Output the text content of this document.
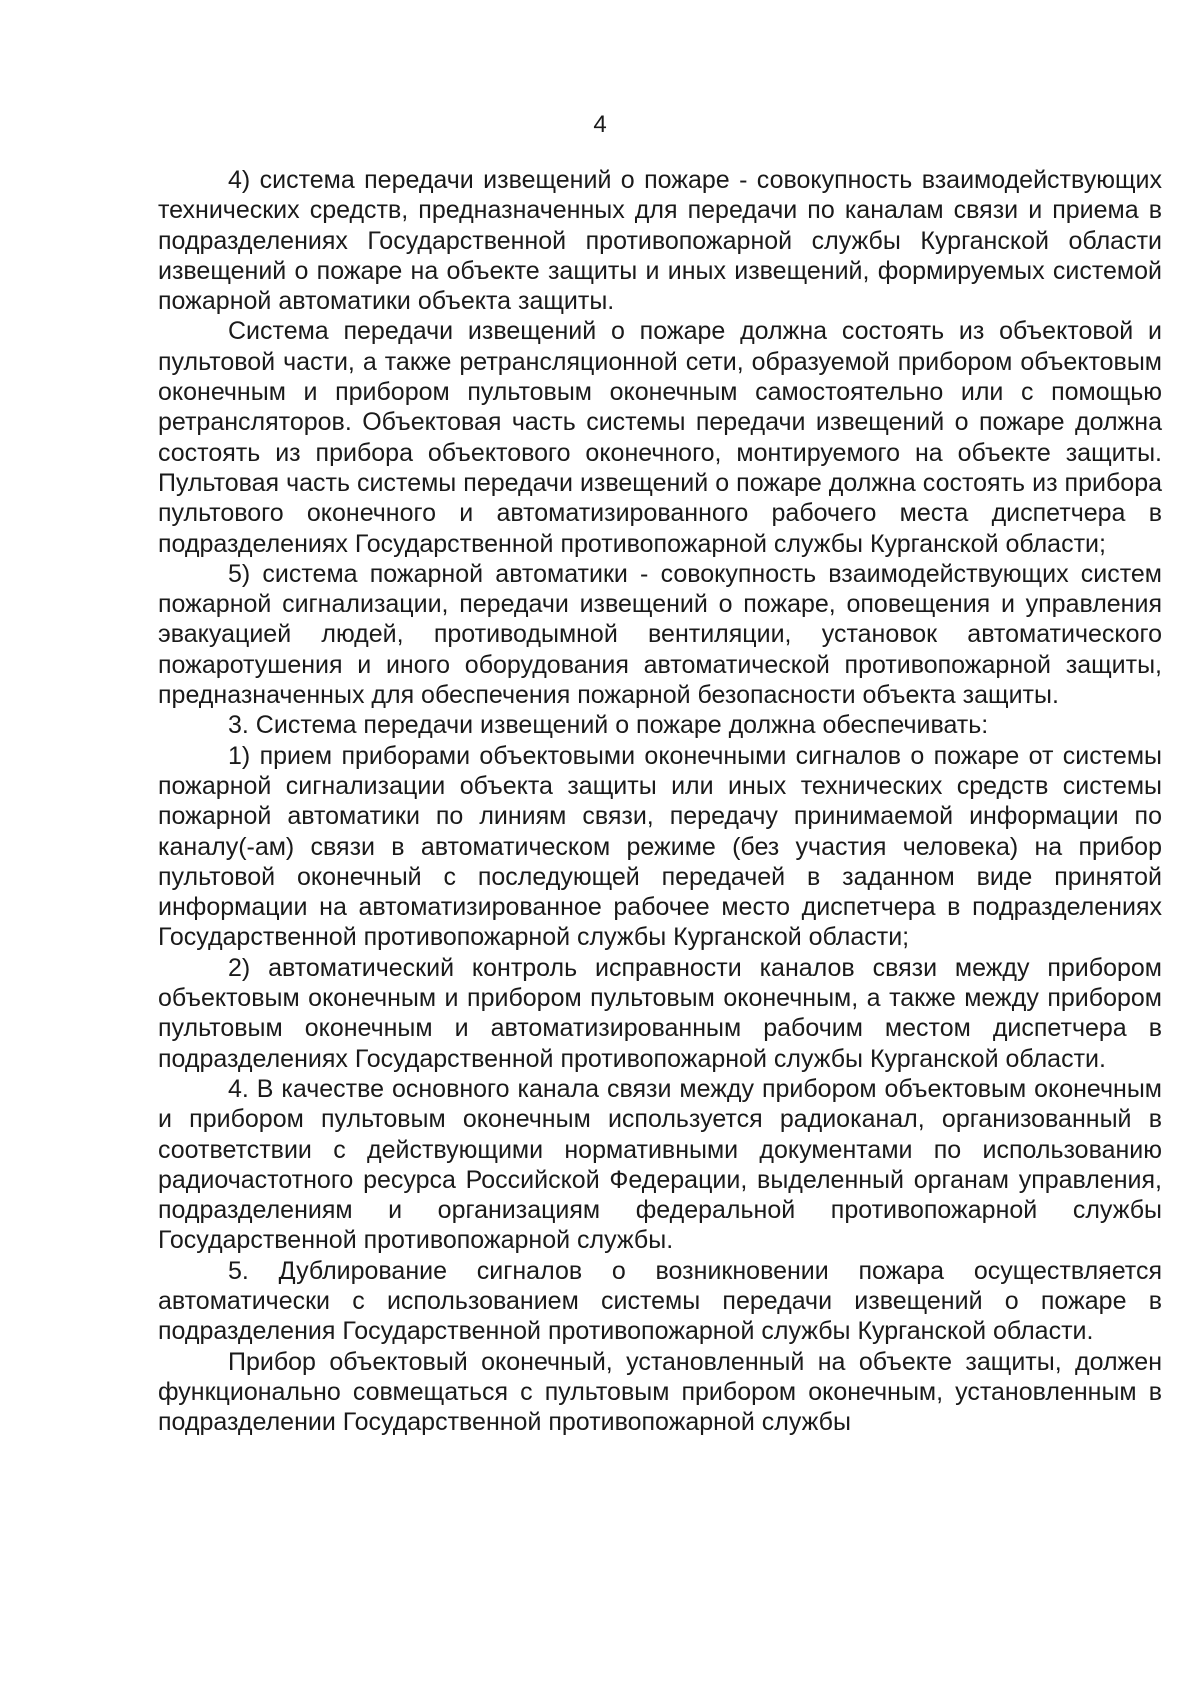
4

4) система передачи извещений о пожаре - совокупность взаимодействующих технических средств, предназначенных для передачи по каналам связи и приема в подразделениях Государственной противопожарной службы Курганской области извещений о пожаре на объекте защиты и иных извещений, формируемых системой пожарной автоматики объекта защиты.

Система передачи извещений о пожаре должна состоять из объектовой и пультовой части, а также ретрансляционной сети, образуемой прибором объектовым оконечным и прибором пультовым оконечным самостоятельно или с помощью ретрансляторов. Объектовая часть системы передачи извещений о пожаре должна состоять из прибора объектового оконечного, монтируемого на объекте защиты. Пультовая часть системы передачи извещений о пожаре должна состоять из прибора пультового оконечного и автоматизированного рабочего места диспетчера в подразделениях Государственной противопожарной службы Курганской области;

5) система пожарной автоматики - совокупность взаимодействующих систем пожарной сигнализации, передачи извещений о пожаре, оповещения и управления эвакуацией людей, противодымной вентиляции, установок автоматического пожаротушения и иного оборудования автоматической противопожарной защиты, предназначенных для обеспечения пожарной безопасности объекта защиты.

3. Система передачи извещений о пожаре должна обеспечивать:

1) прием приборами объектовыми оконечными сигналов о пожаре от системы пожарной сигнализации объекта защиты или иных технических средств системы пожарной автоматики по линиям связи, передачу принимаемой информации по каналу(-ам) связи в автоматическом режиме (без участия человека) на прибор пультовой оконечный с последующей передачей в заданном виде принятой информации на автоматизированное рабочее место диспетчера в подразделениях Государственной противопожарной службы Курганской области;

2) автоматический контроль исправности каналов связи между прибором объектовым оконечным и прибором пультовым оконечным, а также между прибором пультовым оконечным и автоматизированным рабочим местом диспетчера в подразделениях Государственной противопожарной службы Курганской области.

4. В качестве основного канала связи между прибором объектовым оконечным и прибором пультовым оконечным используется радиоканал, организованный в соответствии с действующими нормативными документами по использованию радиочастотного ресурса Российской Федерации, выделенный органам управления, подразделениям и организациям федеральной противопожарной службы Государственной противопожарной службы.

5. Дублирование сигналов о возникновении пожара осуществляется автоматически с использованием системы передачи извещений о пожаре в подразделения Государственной противопожарной службы Курганской области.

Прибор объектовый оконечный, установленный на объекте защиты, должен функционально совмещаться с пультовым прибором оконечным, установленным в подразделении Государственной противопожарной службы
